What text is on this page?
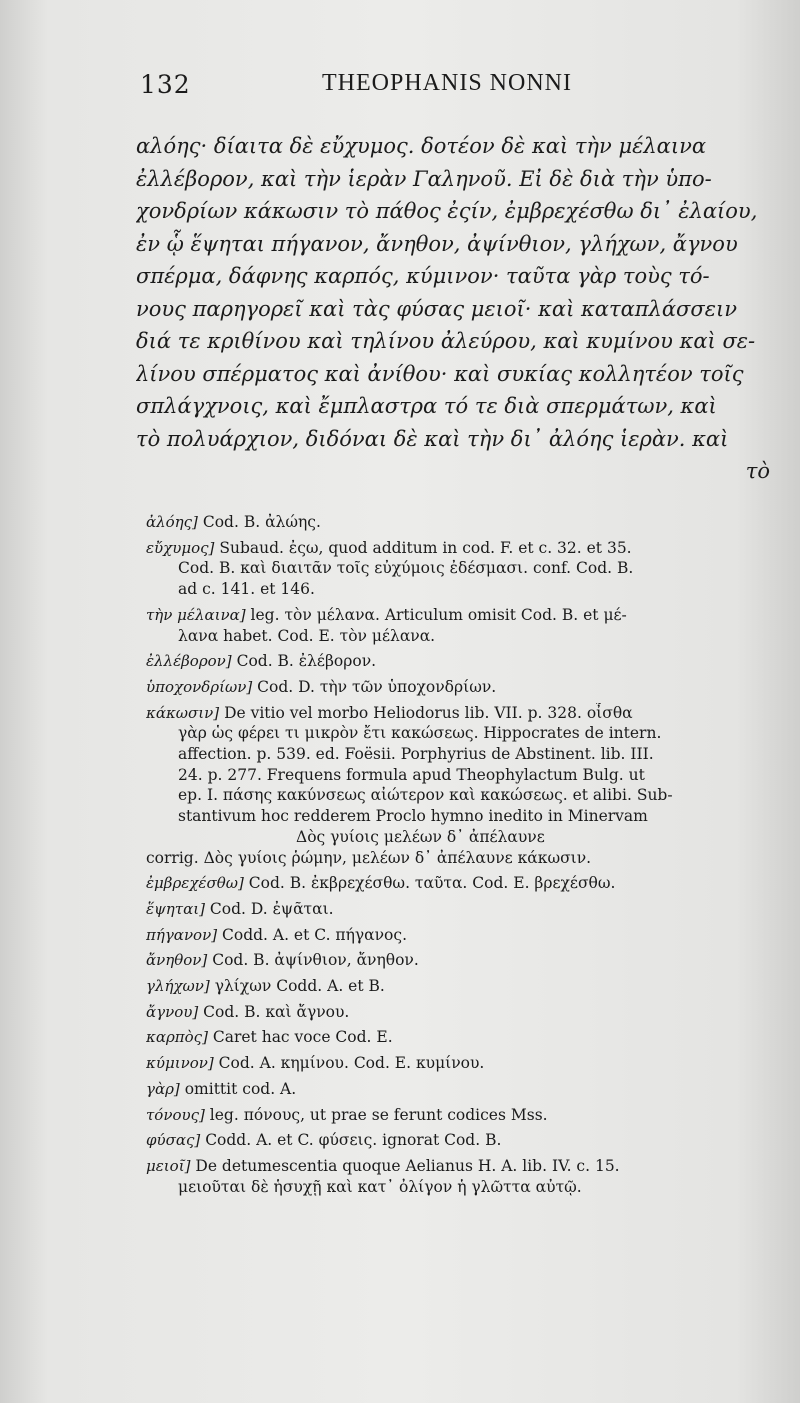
132	THEOPHANIS NONNI
αλόης· δίαιτα δὲ εὔχυμος. δοτέον δὲ καὶ τὴν μέλαινα
ἐλλέβορον, καὶ τὴν ἱερὰν Γαληνοῦ. Εἰ δὲ διὰ τὴν ὑπο-
χονδρίων κάκωσιν τὸ πάθος ἐςίν, ἐμβρεχέσθω δι᾽ ἐλαίου,
ἐν ᾧ ἕψηται πήγανον, ἄνηθον, ἀψίνθιον, γλήχων, ἄγνου
σπέρμα, δάφνης καρπός, κύμινον· ταῦτα γὰρ τοὺς τό-
νους παρηγορεῖ καὶ τὰς φύσας μειοῖ· καὶ καταπλάσσειν
διά τε κριθίνου καὶ τηλίνου ἀλεύρου, καὶ κυμίνου καὶ σε-
λίνου σπέρματος καὶ ἀνίθου· καὶ συκίας κολλητέον τοῖς
σπλάγχνοις, καὶ ἔμπλαστρα τό τε διὰ σπερμάτων, καὶ
τὸ πολυάρχιον, διδόναι δὲ καὶ τὴν δι᾽ ἀλόης ἱερὰν. καὶ
τὸ
ἀλόης] Cod. B. ἀλώης.
εὔχυμος] Subaud. ἐςω, quod additum in cod. F. et c. 32. et 35.
Cod. B. καὶ διαιτᾶν τοῖς εὐχύμοις ἐδέσμασι. conf. Cod. B.
ad c. 141. et 146.
τὴν μέλαινα] leg. τὸν μέλανα. Articulum omisit Cod. B. et μέ-
λανα habet. Cod. E. τὸν μέλανα.
ἐλλέβορον] Cod. B. ἐλέβορον.
ὑποχονδρίων] Cod. D. τὴν τῶν ὑποχονδρίων.
κάκωσιν] De vitio vel morbo Heliodorus lib. VII. p. 328. οἶσθα
γὰρ ὡς φέρει τι μικρὸν ἔτι κακώσεως. Hippocrates de intern.
affection. p. 539. ed. Foësii. Porphyrius de Abstinent. lib. III.
24. p. 277. Frequens formula apud Theophylactum Bulg. ut
ep. I. πάσης κακύνσεως αἰώτερον καὶ κακώσεως. et alibi. Sub-
stantivum hoc redderem Proclo hymno inedito in Minervam
Δὸς γυίοις μελέων δ᾽ ἀπέλαυνε
corrig. Δὸς γυίοις ῥώμην, μελέων δ᾽ ἀπέλαυνε κάκωσιν.
ἐμβρεχέσθω] Cod. B. ἐκβρεχέσθω. ταῦτα. Cod. E. βρεχέσθω.
ἕψηται] Cod. D. ἐψᾶται.
πήγανον] Codd. A. et C. πήγανος.
ἄνηθον] Cod. B. ἀψίνθιον, ἄνηθον.
γλήχων] γλίχων Codd. A. et B.
ἄγνου] Cod. B. καὶ ἄγνου.
καρπὸς] Caret hac voce Cod. E.
κύμινον] Cod. A. κημίνου. Cod. E. κυμίνου.
γὰρ] omittit cod. A.
τόνους] leg. πόνους, ut prae se ferunt codices Mss.
φύσας] Codd. A. et C. φύσεις. ignorat Cod. B.
μειοῖ] De detumescentia quoque Aelianus H. A. lib. IV. c. 15.
μειοῦται δὲ ἡσυχῇ καὶ κατ᾽ ὀλίγον ἡ γλῶττα αὐτῷ.
